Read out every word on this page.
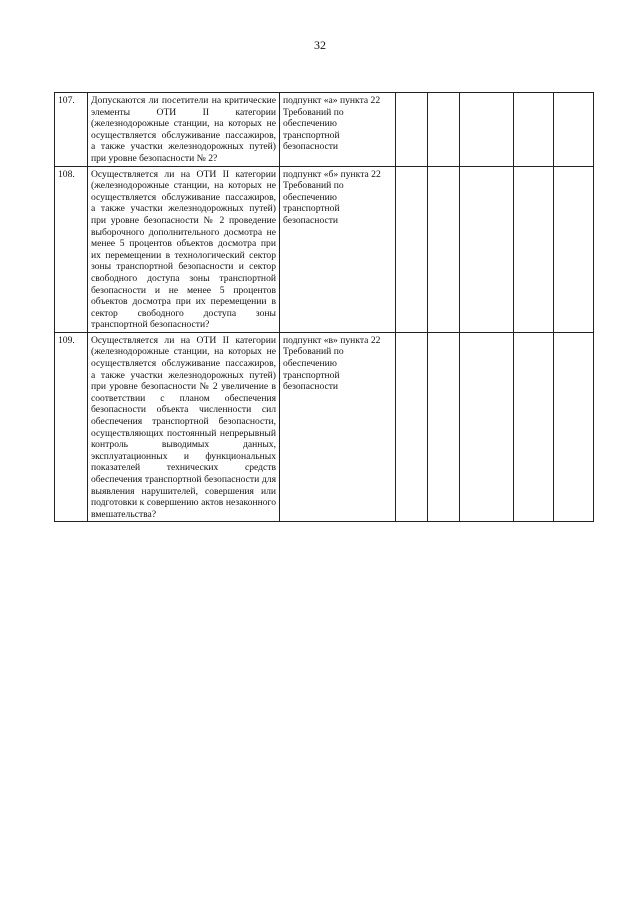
32
107.	Допускаются ли посетители на критические элементы ОТИ II категории (железнодорожные станции, на которых не осуществляется обслуживание пассажиров, а также участки железнодорожных путей) при уровне безопасности № 2?	подпункт «а» пункта 22 Требований по обеспечению транспортной безопасности					
108.	Осуществляется ли на ОТИ II категории (железнодорожные станции, на которых не осуществляется обслуживание пассажиров, а также участки железнодорожных путей) при уровне безопасности № 2 проведение выборочного дополнительного досмотра не менее 5 процентов объектов досмотра при их перемещении в технологический сектор зоны транспортной безопасности и сектор свободного доступа зоны транспортной безопасности и не менее 5 процентов объектов досмотра при их перемещении в сектор свободного доступа зоны транспортной безопасности?	подпункт «б» пункта 22 Требований по обеспечению транспортной безопасности					
109.	Осуществляется ли на ОТИ II категории (железнодорожные станции, на которых не осуществляется обслуживание пассажиров, а также участки железнодорожных путей) при уровне безопасности № 2 увеличение в соответствии с планом обеспечения безопасности объекта численности сил обеспечения транспортной безопасности, осуществляющих постоянный непрерывный контроль выводимых данных, эксплуатационных и функциональных показателей технических средств обеспечения транспортной безопасности для выявления нарушителей, совершения или подготовки к совершению актов незаконного вмешательства?	подпункт «в» пункта 22 Требований по обеспечению транспортной безопасности					
